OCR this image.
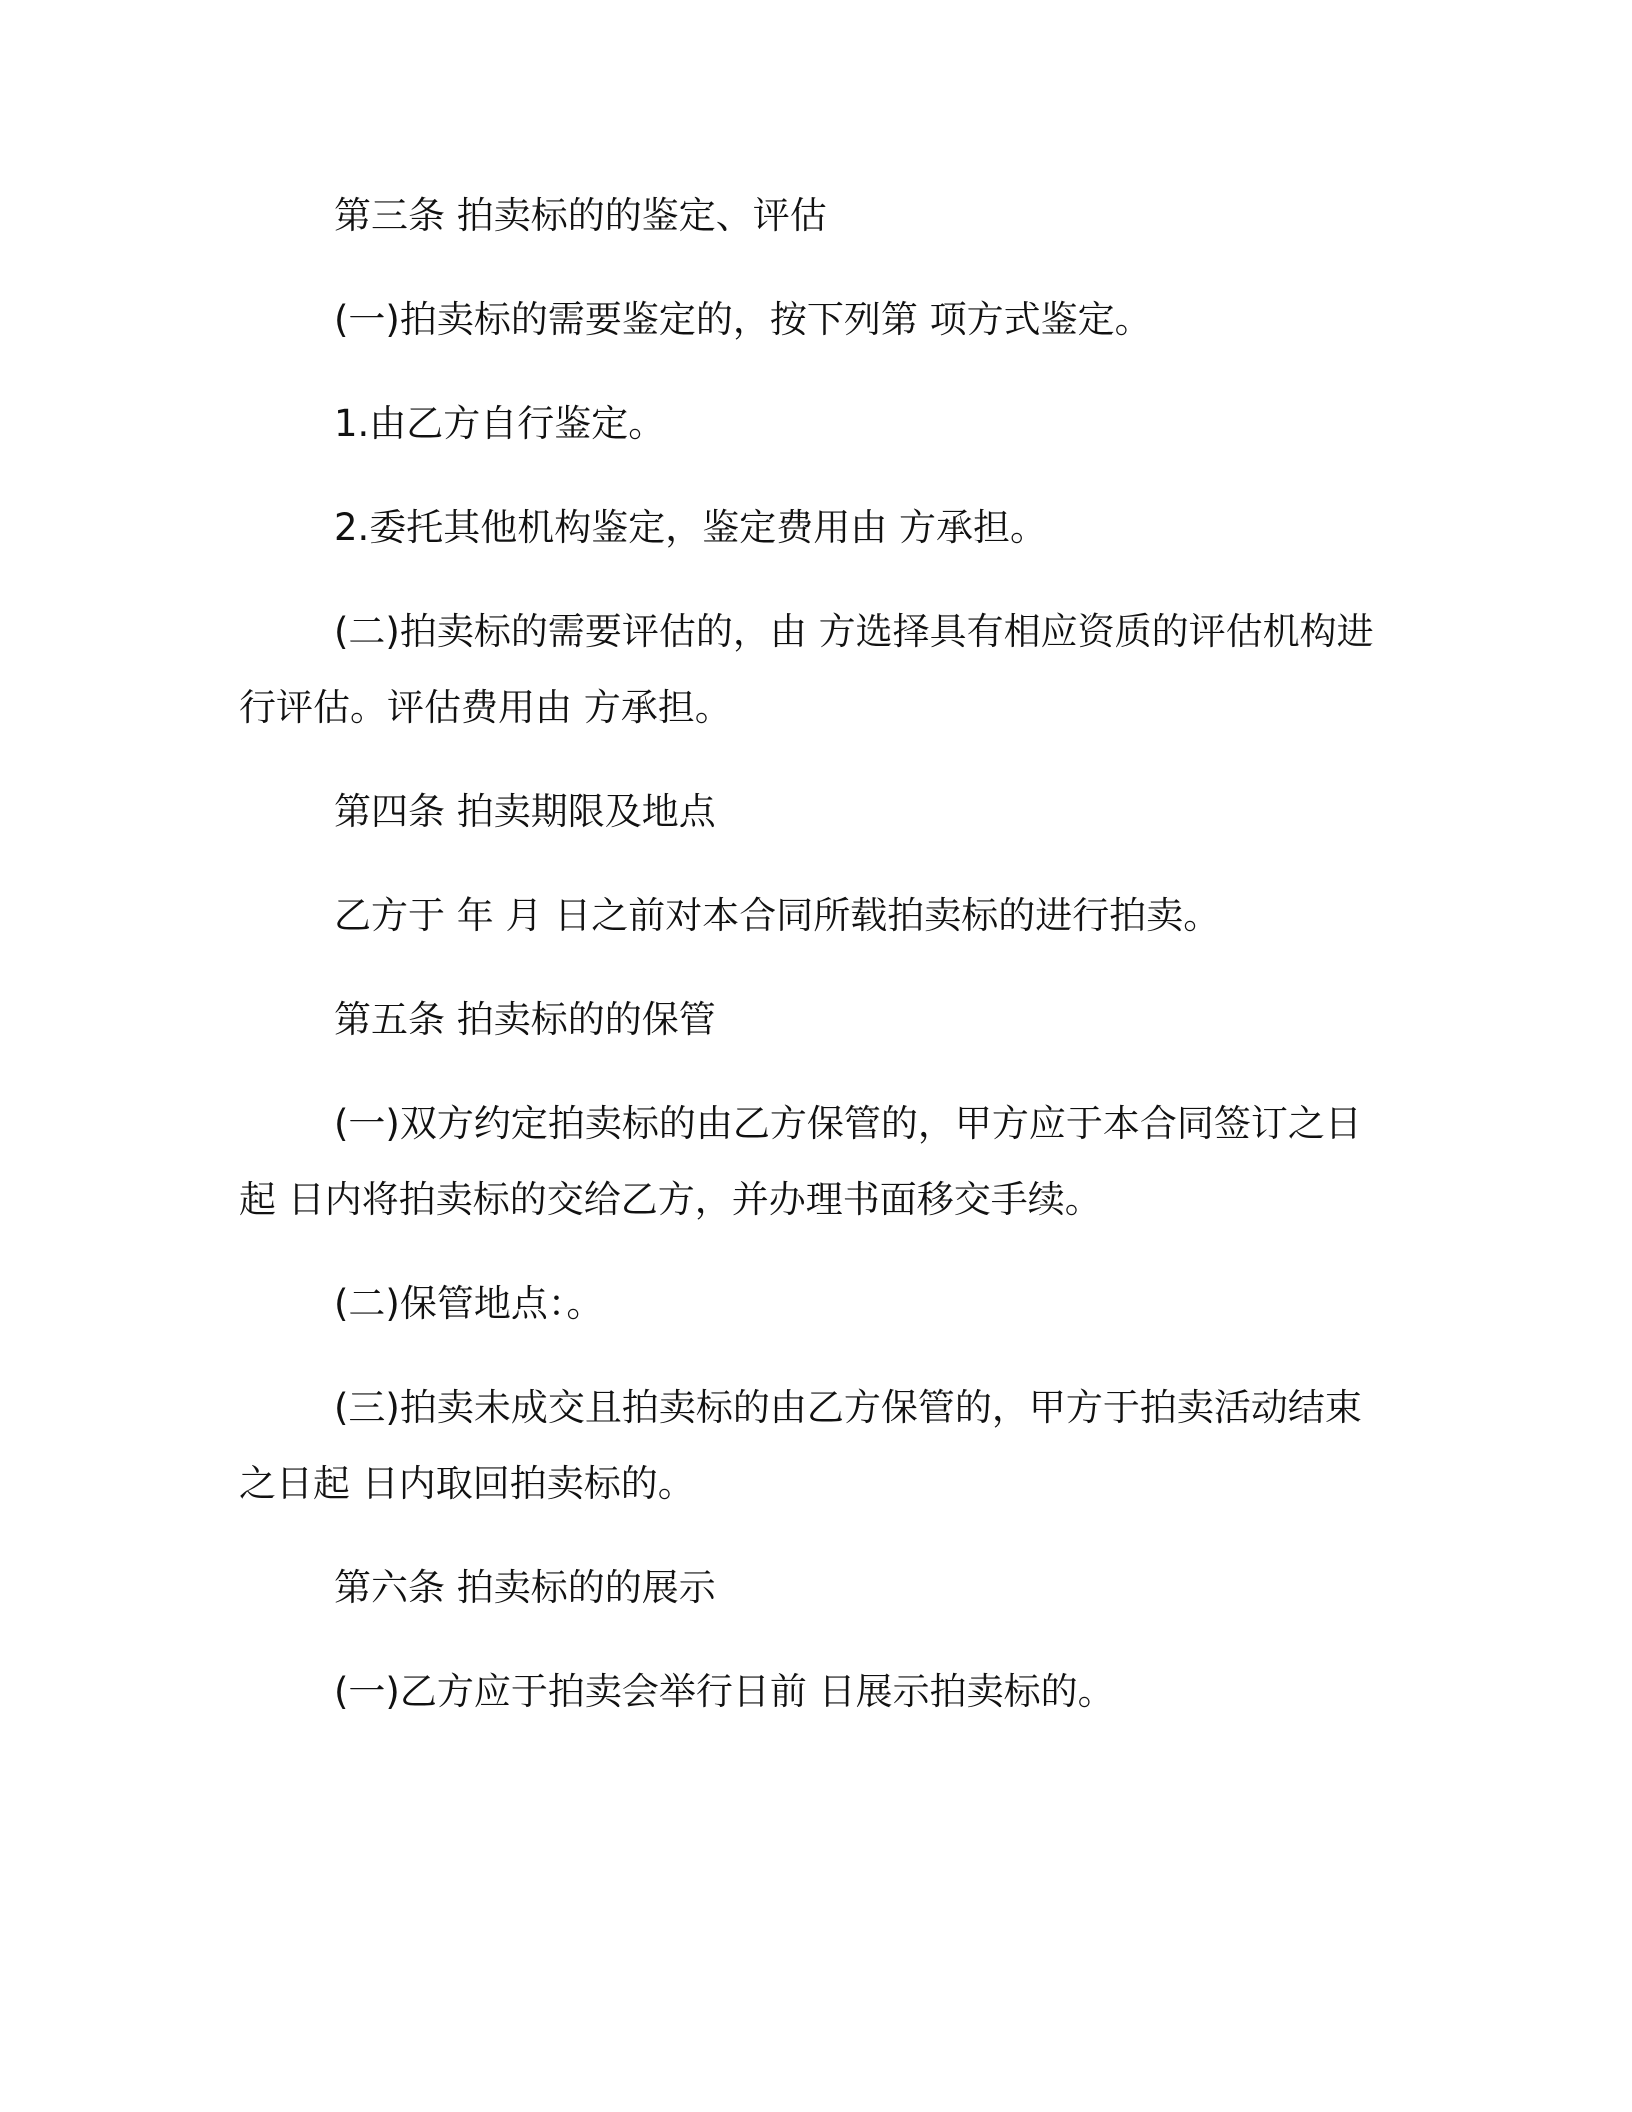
第三条 拍卖标的的鉴定、评估

(一)拍卖标的需要鉴定的，按下列第 项方式鉴定。

1.由乙方自行鉴定。

2.委托其他机构鉴定，鉴定费用由 方承担。

(二)拍卖标的需要评估的，由 方选择具有相应资质的评估机构进

行评估。评估费用由 方承担。

第四条 拍卖期限及地点

乙方于 年 月 日之前对本合同所载拍卖标的进行拍卖。

第五条 拍卖标的的保管

(一)双方约定拍卖标的由乙方保管的，甲方应于本合同签订之日

起 日内将拍卖标的交给乙方，并办理书面移交手续。

(二)保管地点：。

(三)拍卖未成交且拍卖标的由乙方保管的，甲方于拍卖活动结束

之日起 日内取回拍卖标的。

第六条 拍卖标的的展示

(一)乙方应于拍卖会举行日前 日展示拍卖标的。
